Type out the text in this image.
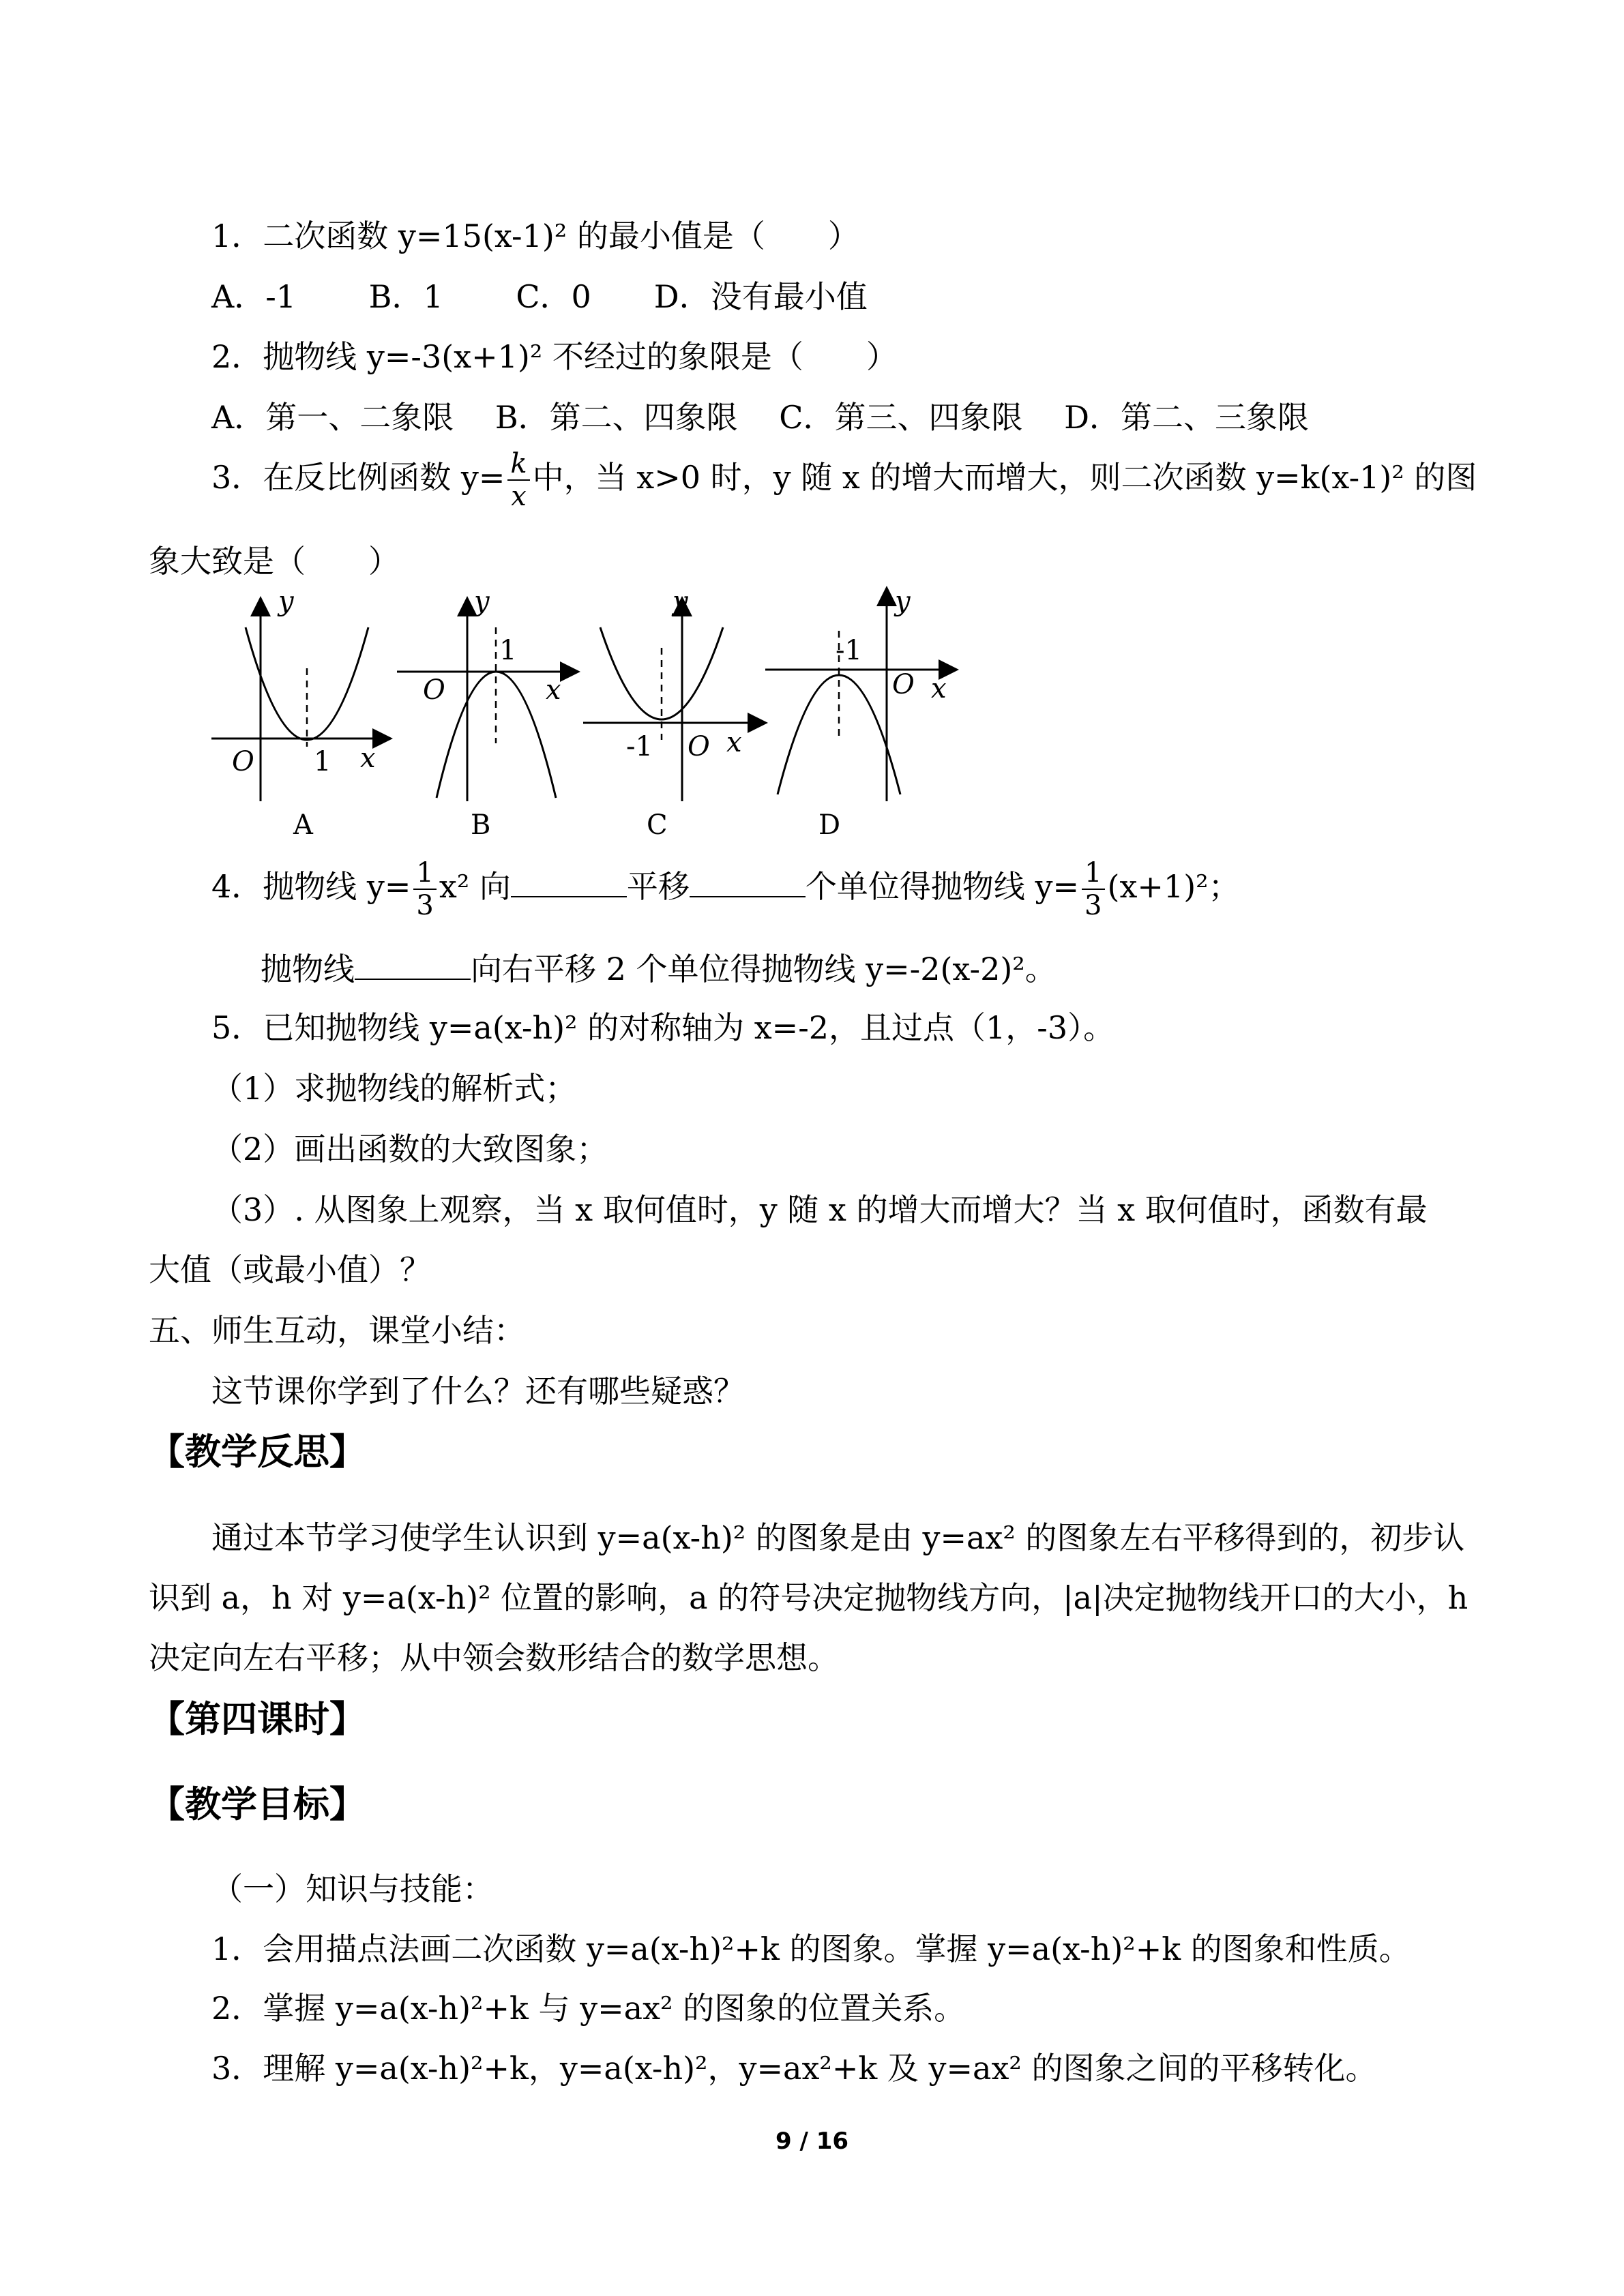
1．二次函数 y=15(x-1)² 的最小值是（　　）
A．-1　　 B．1　　 C．0　　D．没有最小值
2．抛物线 y=-3(x+1)² 不经过的象限是（　　）
A．第一、二象限　 B．第二、四象限　 C．第三、四象限　 D．第二、三象限
3．在反比例函数 $y= \frac{k}{x}$ 中，当 x>0 时，y 随 x 的增大而增大，则二次函数 y=k(x-1)² 的图
象大致是（　　）
y
x
O 1
A
y
x
O
1
B
y
x
O
-1
C
y
x
O
-1
D
4．抛物线 $y= \frac{1}{3} x^2$ 向	平移	个单位得抛物线 $y= \frac{1}{3} (x+1)^2$；
抛物线	向右平移 2 个单位得抛物线 y=-2(x-2)²。
5．已知抛物线 y=a(x-h)² 的对称轴为 x=-2，且过点（1，-3）。
（1）求抛物线的解析式；
（2）画出函数的大致图象；
（3）. 从图象上观察，当 x 取何值时，y 随 x 的增大而增大？当 x 取何值时，函数有最
大值（或最小值）？
五、师生互动，课堂小结：
这节课你学到了什么？还有哪些疑惑？
【教学反思】
通过本节学习使学生认识到 y=a(x-h)² 的图象是由 y=ax² 的图象左右平移得到的，初步认
识到 a，h 对 y=a(x-h)² 位置的影响，a 的符号决定抛物线方向，|a|决定抛物线开口的大小，h
决定向左右平移；从中领会数形结合的数学思想。
【第四课时】
【教学目标】
（一）知识与技能：
1．会用描点法画二次函数 y=a(x-h)²+k 的图象。掌握 y=a(x-h)²+k 的图象和性质。
2．掌握 y=a(x-h)²+k 与 y=ax² 的图象的位置关系。
3．理解 y=a(x-h)²+k，y=a(x-h)²，y=ax²+k 及 y=ax² 的图象之间的平移转化。
9 / 16
